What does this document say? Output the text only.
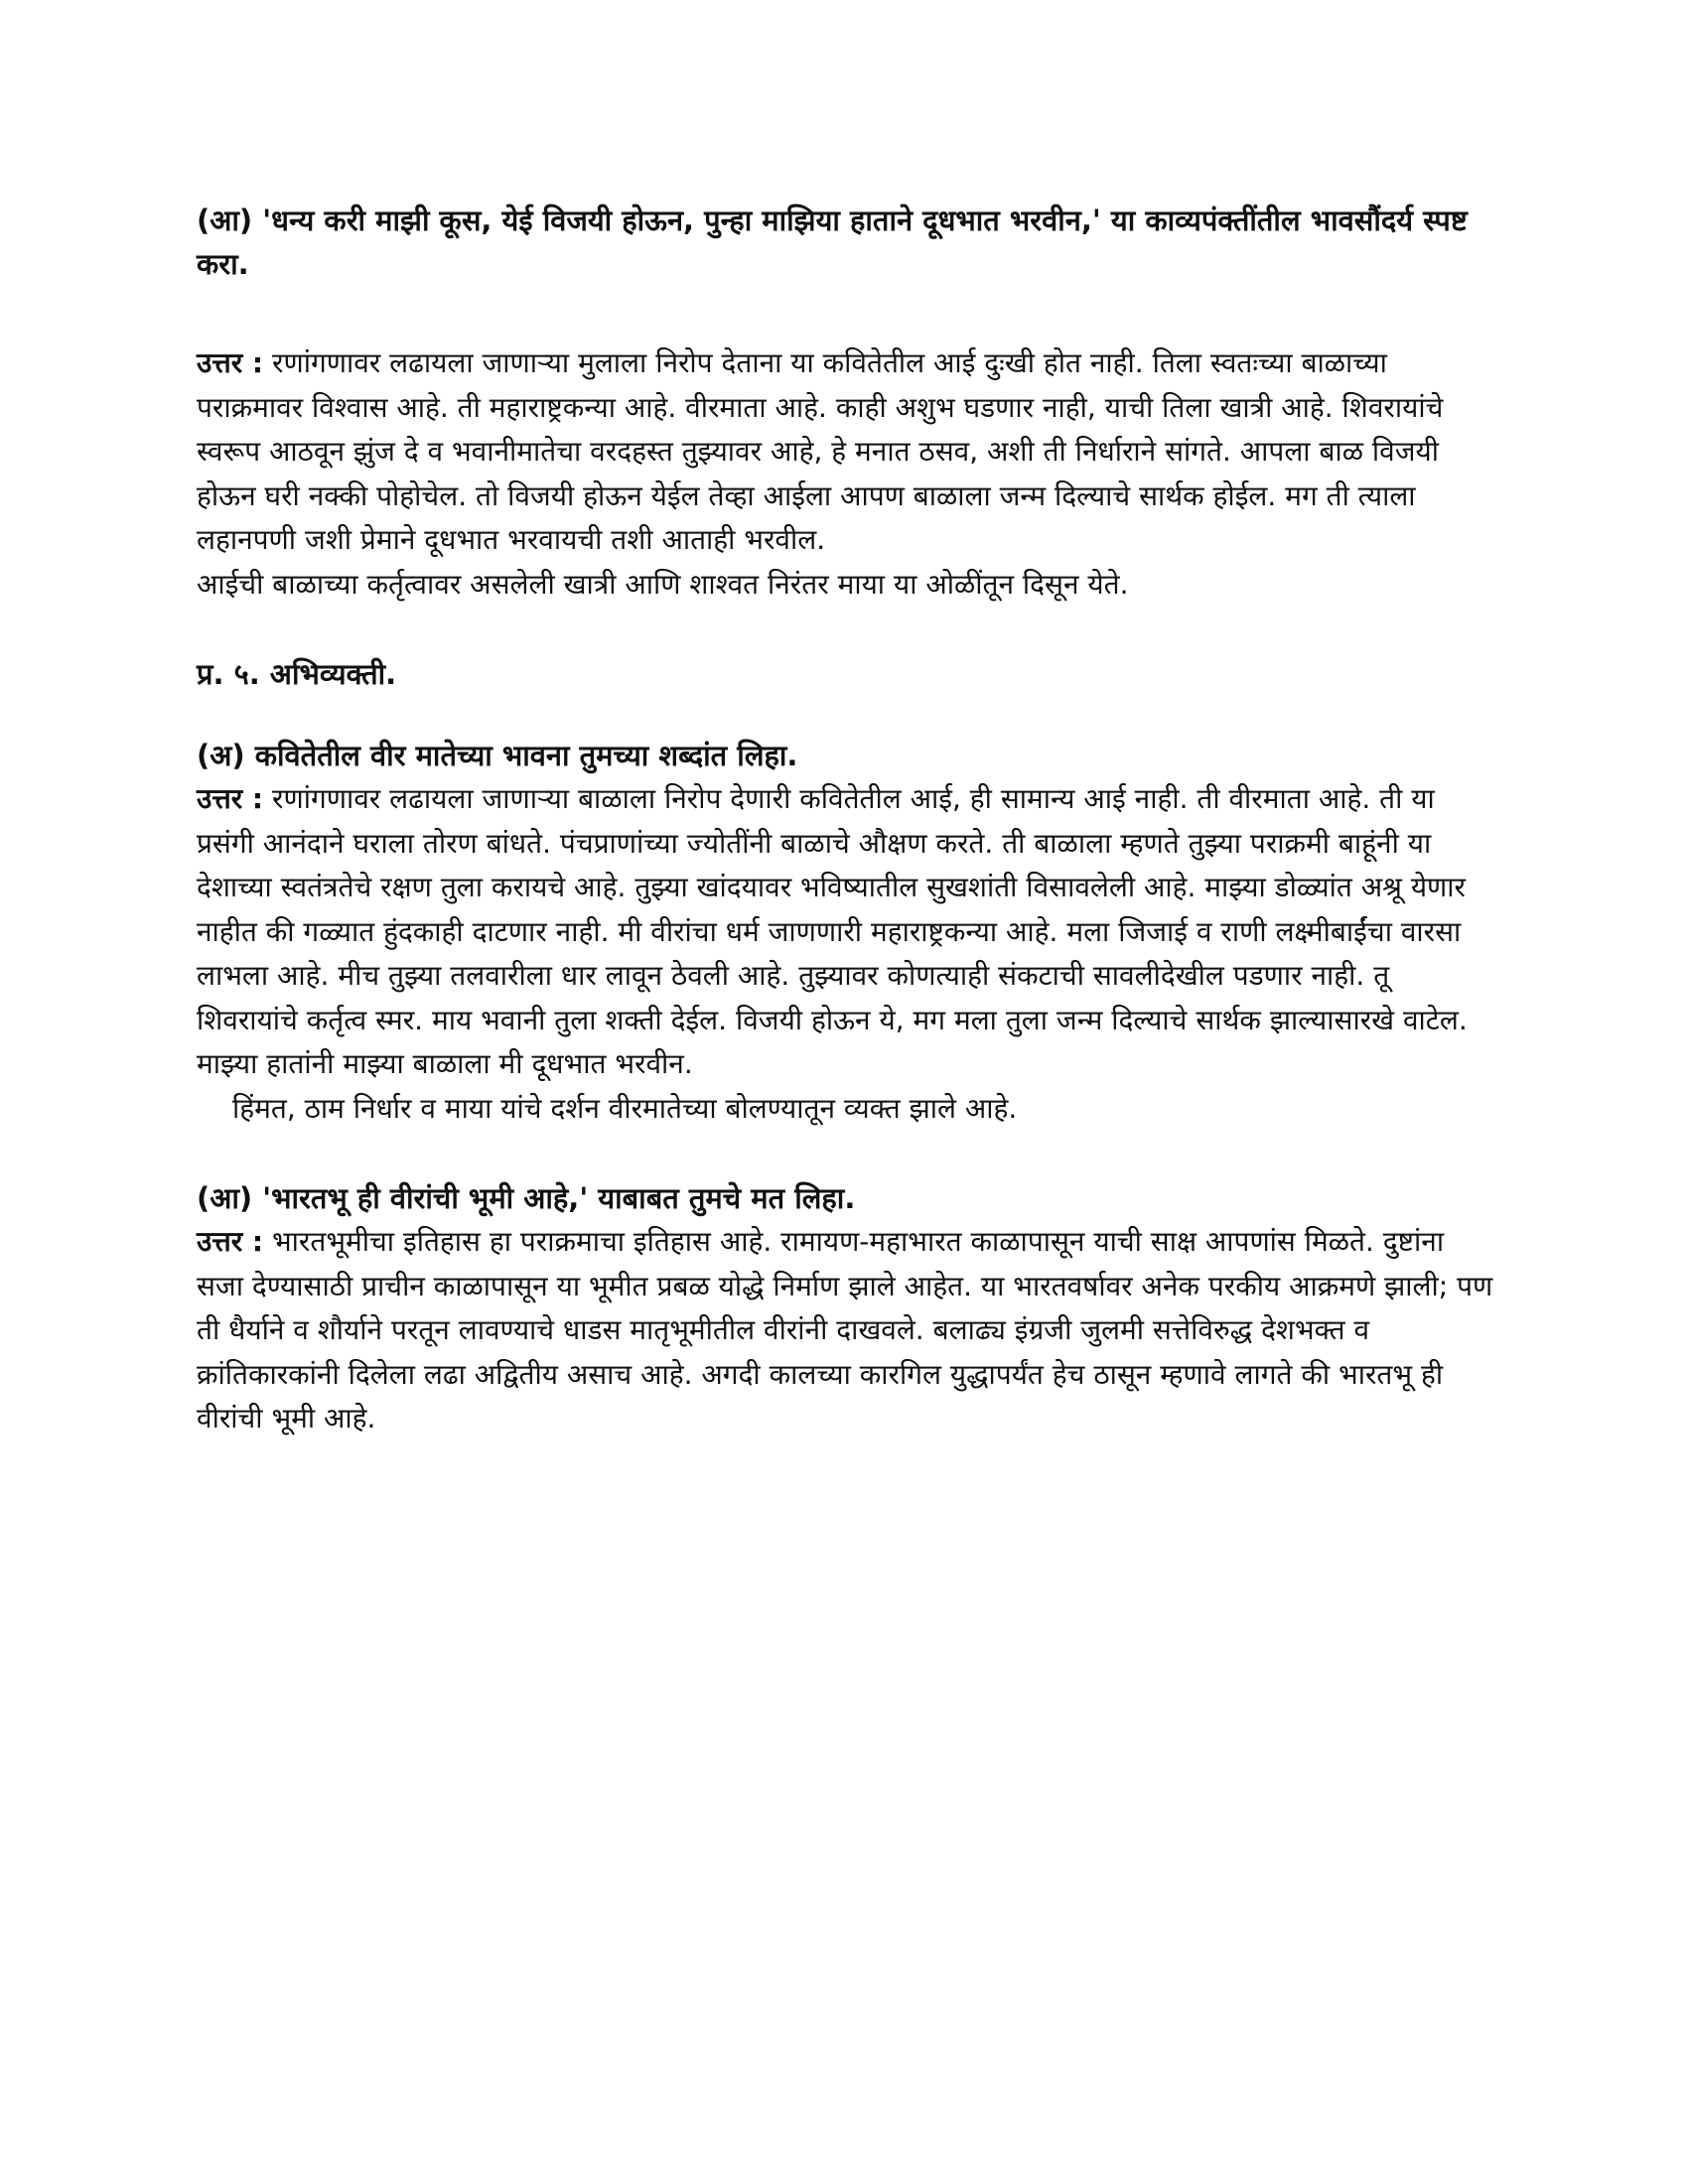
(आ) 'धन्य करी माझी कूस, येई विजयी होऊन, पुन्हा माझिया हाताने दूधभात भरवीन,' या काव्यपंक्तींतील भावसौंदर्य स्पष्ट करा.

उत्तर : रणांगणावर लढायला जाणाऱ्या मुलाला निरोप देताना या कवितेतील आई दुःखी होत नाही. तिला स्वतःच्या बाळाच्या पराक्रमावर विश्वास आहे. ती महाराष्ट्रकन्या आहे. वीरमाता आहे. काही अशुभ घडणार नाही, याची तिला खात्री आहे. शिवरायांचे स्वरूप आठवून झुंज दे व भवानीमातेचा वरदहस्त तुझ्यावर आहे, हे मनात ठसव, अशी ती निर्धाराने सांगते. आपला बाळ विजयी होऊन घरी नक्की पोहोचेल. तो विजयी होऊन येईल तेव्हा आईला आपण बाळाला जन्म दिल्याचे सार्थक होईल. मग ती त्याला लहानपणी जशी प्रेमाने दूधभात भरवायची तशी आताही भरवील.
आईची बाळाच्या कर्तृत्वावर असलेली खात्री आणि शाश्वत निरंतर माया या ओळींतून दिसून येते.

प्र. ५. अभिव्यक्ती.

(अ) कवितेतील वीर मातेच्या भावना तुमच्या शब्दांत लिहा.

उत्तर : रणांगणावर लढायला जाणाऱ्या बाळाला निरोप देणारी कवितेतील आई, ही सामान्य आई नाही. ती वीरमाता आहे. ती या प्रसंगी आनंदाने घराला तोरण बांधते. पंचप्राणांच्या ज्योतींनी बाळाचे औक्षण करते. ती बाळाला म्हणते तुझ्या पराक्रमी बाहूंनी या देशाच्या स्वतंत्रतेचे रक्षण तुला करायचे आहे. तुझ्या खांदयावर भविष्यातील सुखशांती विसावलेली आहे. माझ्या डोळ्यांत अश्रू येणार नाहीत की गळ्यात हुंदकाही दाटणार नाही. मी वीरांचा धर्म जाणणारी महाराष्ट्रकन्या आहे. मला जिजाई व राणी लक्ष्मीबाईंचा वारसा लाभला आहे. मीच तुझ्या तलवारीला धार लावून ठेवली आहे. तुझ्यावर कोणत्याही संकटाची सावलीदेखील पडणार नाही. तू शिवरायांचे कर्तृत्व स्मर. माय भवानी तुला शक्ती देईल. विजयी होऊन ये, मग मला तुला जन्म दिल्याचे सार्थक झाल्यासारखे वाटेल. माझ्या हातांनी माझ्या बाळाला मी दूधभात भरवीन.
हिंमत, ठाम निर्धार व माया यांचे दर्शन वीरमातेच्या बोलण्यातून व्यक्त झाले आहे.

(आ) 'भारतभू ही वीरांची भूमी आहे,' याबाबत तुमचे मत लिहा.

उत्तर : भारतभूमीचा इतिहास हा पराक्रमाचा इतिहास आहे. रामायण-महाभारत काळापासून याची साक्ष आपणांस मिळते. दुष्टांना सजा देण्यासाठी प्राचीन काळापासून या भूमीत प्रबळ योद्धे निर्माण झाले आहेत. या भारतवर्षावर अनेक परकीय आक्रमणे झाली; पण ती धैर्याने व शौर्याने परतून लावण्याचे धाडस मातृभूमीतील वीरांनी दाखवले. बलाढ्य इंग्रजी जुलमी सत्तेविरुद्ध देशभक्त व क्रांतिकारकांनी दिलेला लढा अद्वितीय असाच आहे. अगदी कालच्या कारगिल युद्धापर्यंत हेच ठासून म्हणावे लागते की भारतभू ही वीरांची भूमी आहे.
